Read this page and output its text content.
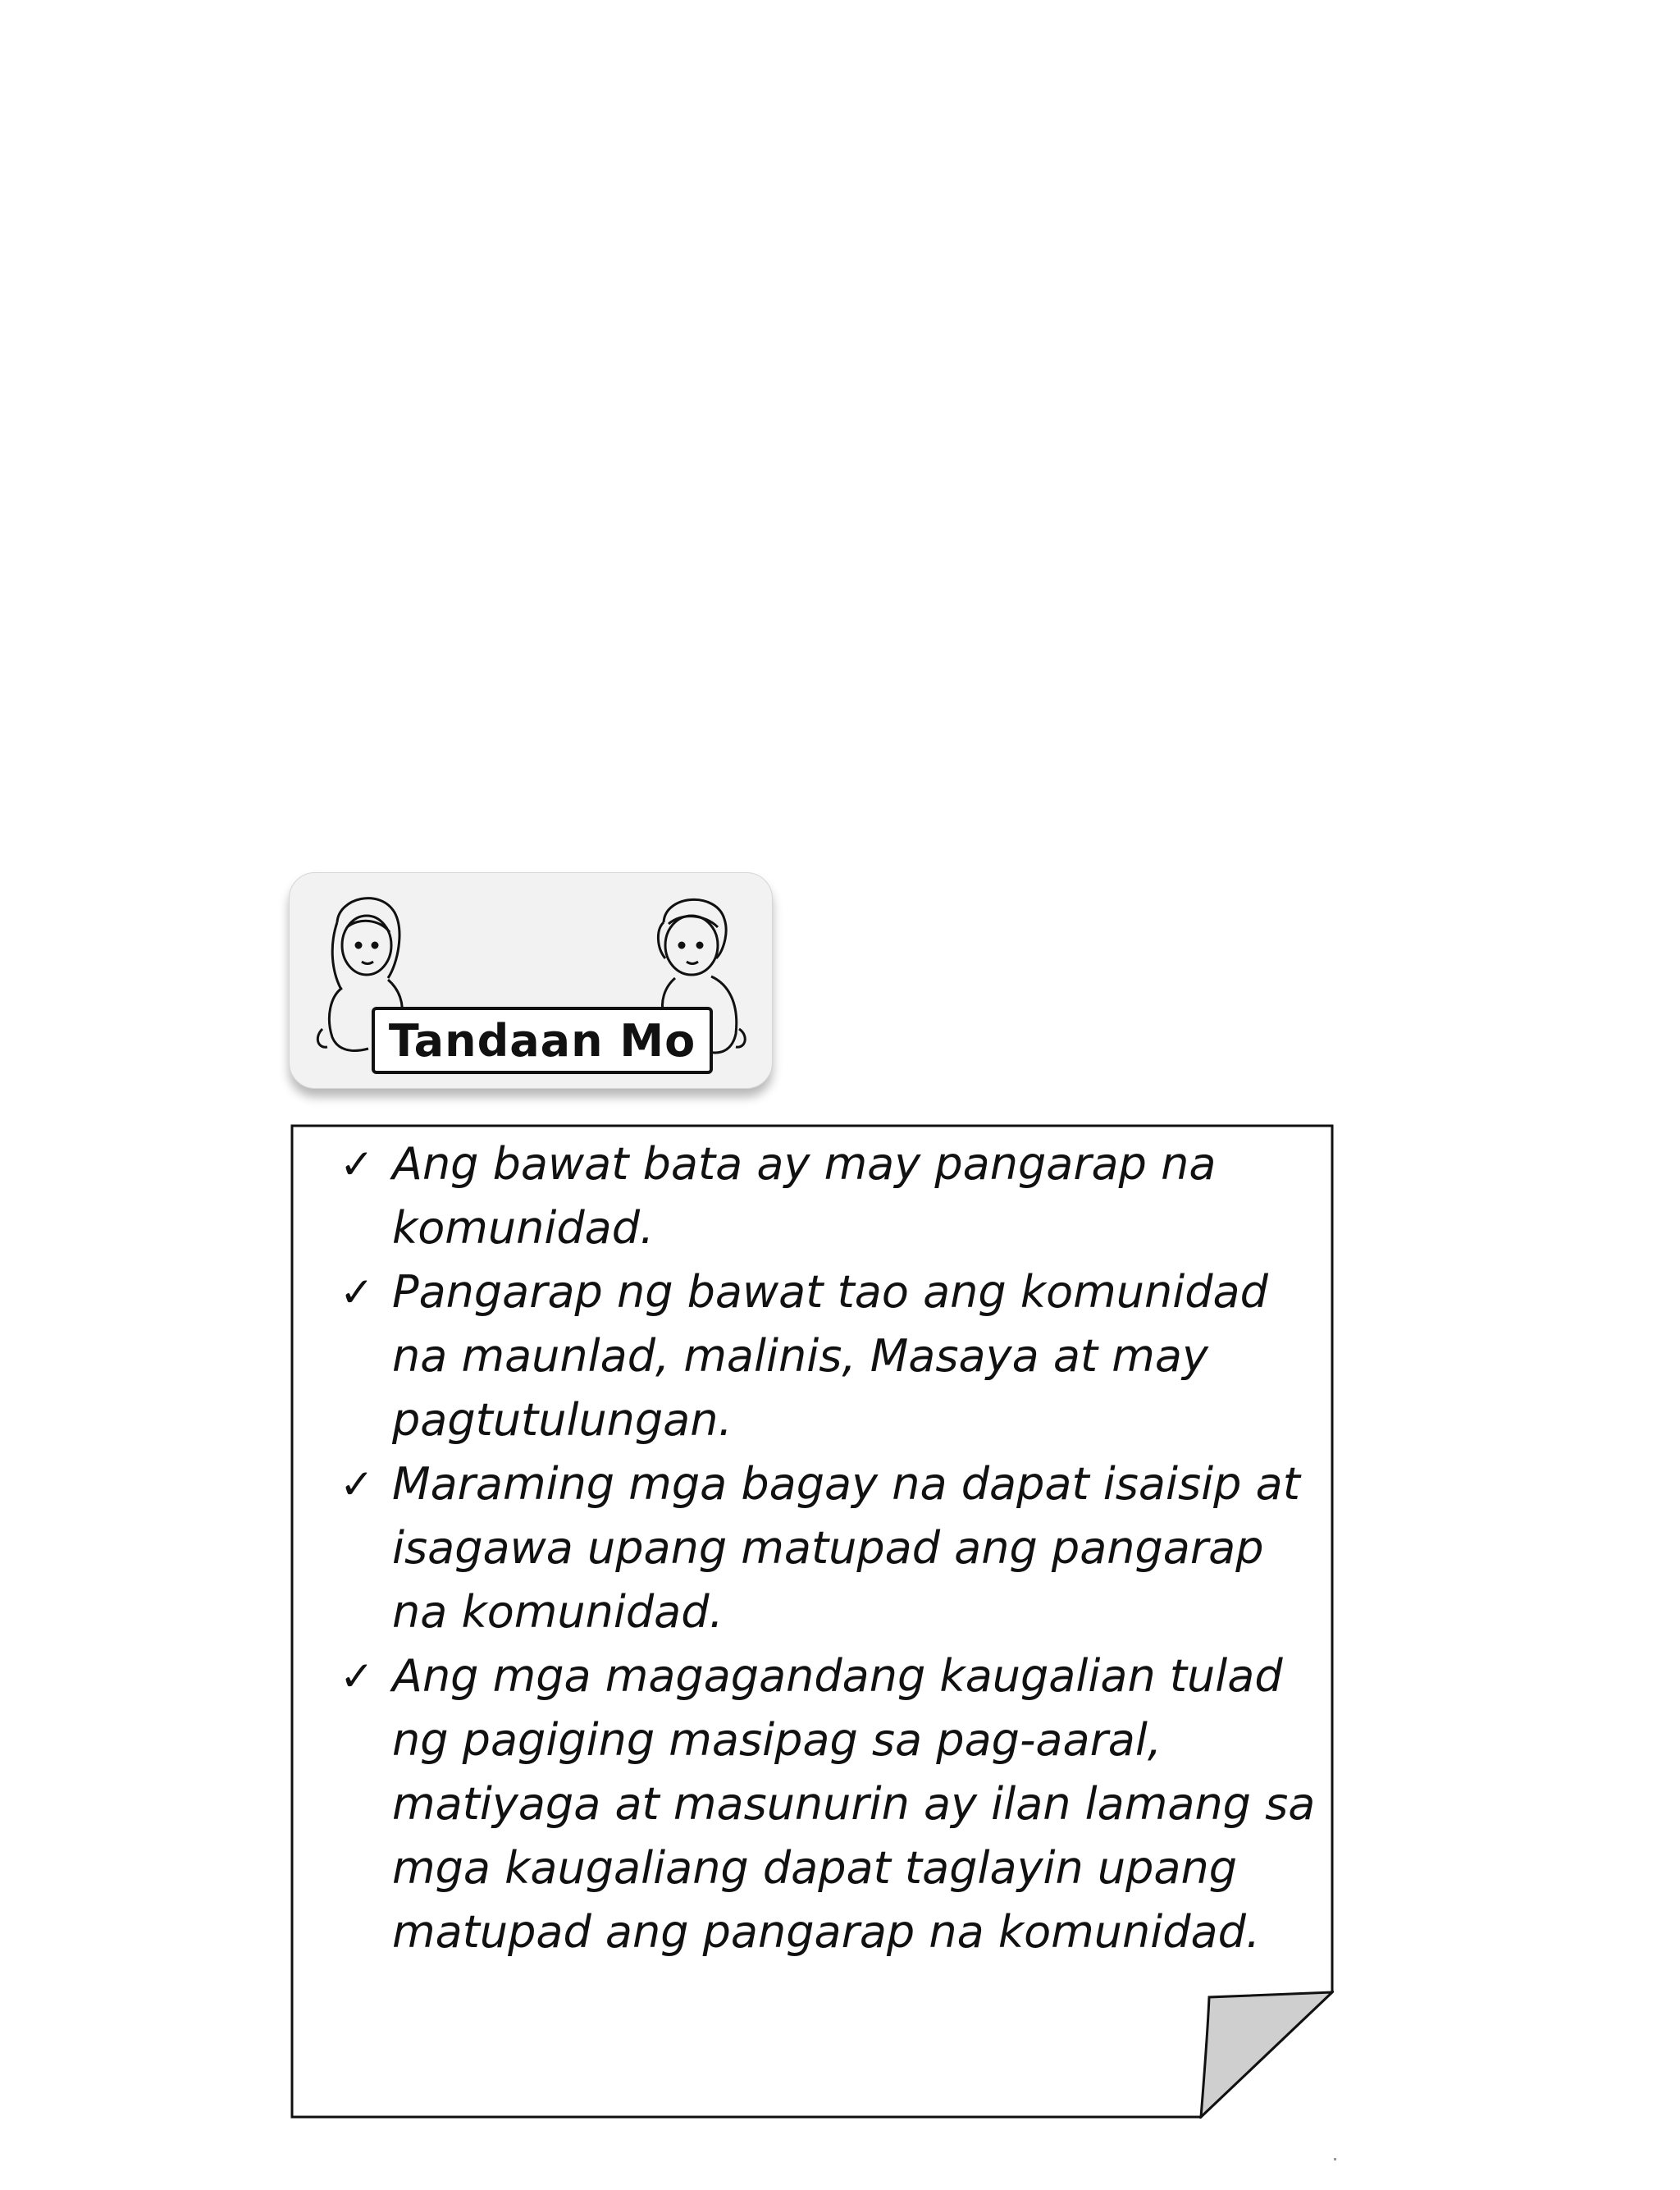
Tandaan Mo
✓ Ang bawat bata ay may pangarap na komunidad.
✓ Pangarap ng bawat tao ang komunidad na maunlad, malinis, Masaya at may pagtutulungan.
✓ Maraming mga bagay na dapat isaisip at isagawa upang matupad ang pangarap na komunidad.
✓ Ang mga magagandang kaugalian tulad ng pagiging masipag sa pag-aaral, matiyaga at masunurin ay ilan lamang sa mga kaugaliang dapat taglayin upang matupad ang pangarap na komunidad.
